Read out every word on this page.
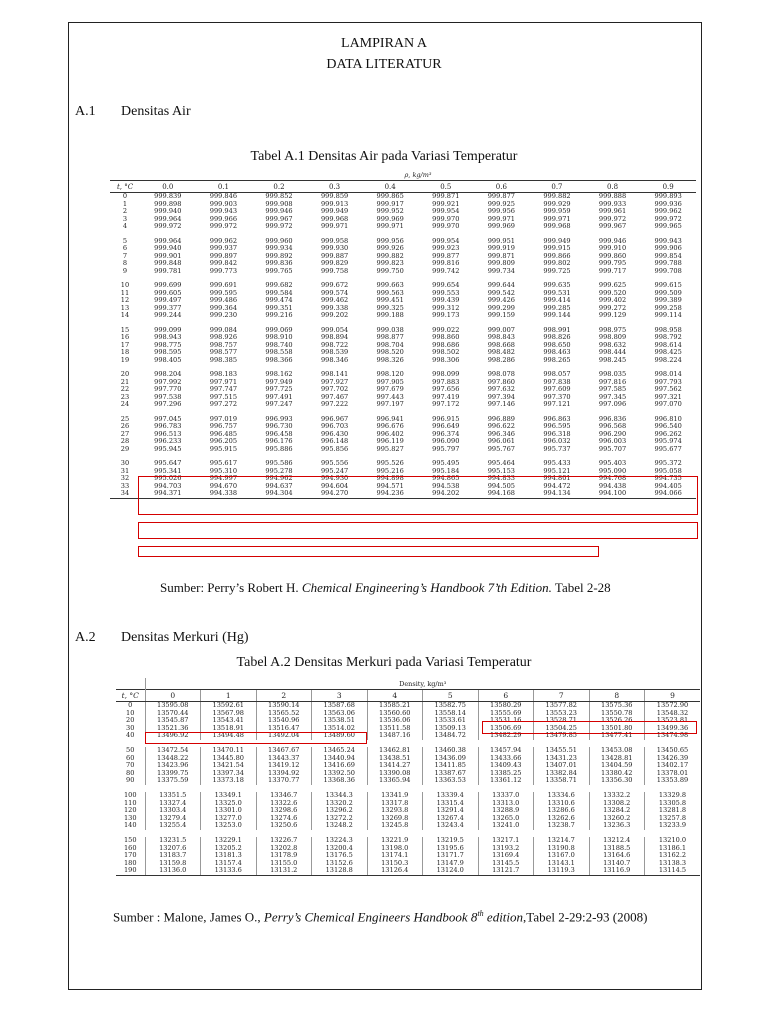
LAMPIRAN A
DATA LITERATUR
A.1 Densitas Air
Tabel A.1 Densitas Air pada Variasi Temperatur
	ρ, kg/m³									
t, °C	0.0	0.1	0.2	0.3	0.4	0.5	0.6	0.7	0.8	0.9
0	999.839	999.846	999.852	999.859	999.865	999.871	999.877	999.882	999.888	999.893
1	999.898	999.903	999.908	999.913	999.917	999.921	999.925	999.929	999.933	999.936
2	999.940	999.943	999.946	999.949	999.952	999.954	999.956	999.959	999.961	999.962
3	999.964	999.966	999.967	999.968	999.969	999.970	999.971	999.971	999.972	999.972
4	999.972	999.972	999.972	999.971	999.971	999.970	999.969	999.968	999.967	999.965

5	999.964	999.962	999.960	999.958	999.956	999.954	999.951	999.949	999.946	999.943
6	999.940	999.937	999.934	999.930	999.926	999.923	999.919	999.915	999.910	999.906
7	999.901	999.897	999.892	999.887	999.882	999.877	999.871	999.866	999.860	999.854
8	999.848	999.842	999.836	999.829	999.823	999.816	999.809	999.802	999.795	999.788
9	999.781	999.773	999.765	999.758	999.750	999.742	999.734	999.725	999.717	999.708

10	999.699	999.691	999.682	999.672	999.663	999.654	999.644	999.635	999.625	999.615
11	999.605	999.595	999.584	999.574	999.563	999.553	999.542	999.531	999.520	999.509
12	999.497	999.486	999.474	999.462	999.451	999.439	999.426	999.414	999.402	999.389
13	999.377	999.364	999.351	999.338	999.325	999.312	999.299	999.285	999.272	999.258
14	999.244	999.230	999.216	999.202	999.188	999.173	999.159	999.144	999.129	999.114

15	999.099	999.084	999.069	999.054	999.038	999.022	999.007	998.991	998.975	998.958
16	998.943	998.926	998.910	998.894	998.877	998.860	998.843	998.826	998.809	998.792
17	998.775	998.757	998.740	998.722	998.704	998.686	998.668	998.650	998.632	998.614
18	998.595	998.577	998.558	998.539	998.520	998.502	998.482	998.463	998.444	998.425
19	998.405	998.385	998.366	998.346	998.326	998.306	998.286	998.265	998.245	998.224

20	998.204	998.183	998.162	998.141	998.120	998.099	998.078	998.057	998.035	998.014
21	997.992	997.971	997.949	997.927	997.905	997.883	997.860	997.838	997.816	997.793
22	997.770	997.747	997.725	997.702	997.679	997.656	997.632	997.609	997.585	997.562
23	997.538	997.515	997.491	997.467	997.443	997.419	997.394	997.370	997.345	997.321
24	997.296	997.272	997.247	997.222	997.197	997.172	997.146	997.121	997.096	997.070

25	997.045	997.019	996.993	996.967	996.941	996.915	996.889	996.863	996.836	996.810
26	996.783	996.757	996.730	996.703	996.676	996.649	996.622	996.595	996.568	996.540
27	996.513	996.485	996.458	996.430	996.402	996.374	996.346	996.318	996.290	996.262
28	996.233	996.205	996.176	996.148	996.119	996.090	996.061	996.032	996.003	995.974
29	995.945	995.915	995.886	995.856	995.827	995.797	995.767	995.737	995.707	995.677

30	995.647	995.617	995.586	995.556	995.526	995.495	995.464	995.433	995.403	995.372
31	995.341	995.310	995.278	995.247	995.216	995.184	995.153	995.121	995.090	995.058
32	995.026	994.997	994.962	994.930	994.898	994.865	994.833	994.801	994.768	994.735
33	994.703	994.670	994.637	994.604	994.571	994.538	994.505	994.472	994.438	994.405
34	994.371	994.338	994.304	994.270	994.236	994.202	994.168	994.134	994.100	994.066
Sumber: Perry’s Robert H. Chemical Engineering’s Handbook 7’th Edition. Tabel 2-28
A.2 Densitas Merkuri (Hg)
Tabel A.2 Densitas Merkuri pada Variasi Temperatur
	Density, kg/m³									
t, °C	0	1	2	3	4	5	6	7	8	9
0	13595.08	13592.61	13590.14	13587.68	13585.21	13582.75	13580.29	13577.82	13575.36	13572.90
10	13570.44	13567.98	13565.52	13563.06	13560.60	13558.14	13555.69	13553.23	13550.78	13548.32
20	13545.87	13543.41	13540.96	13538.51	13536.06	13533.61	13531.16	13528.71	13526.26	13523.81
30	13521.36	13518.91	13516.47	13514.02	13511.58	13509.13	13506.69	13504.25	13501.80	13499.36
40	13496.92	13494.48	13492.04	13489.60	13487.16	13484.72	13482.29	13479.85	13477.41	13474.98

50	13472.54	13470.11	13467.67	13465.24	13462.81	13460.38	13457.94	13455.51	13453.08	13450.65
60	13448.22	13445.80	13443.37	13440.94	13438.51	13436.09	13433.66	13431.23	13428.81	13426.39
70	13423.96	13421.54	13419.12	13416.69	13414.27	13411.85	13409.43	13407.01	13404.59	13402.17
80	13399.75	13397.34	13394.92	13392.50	13390.08	13387.67	13385.25	13382.84	13380.42	13378.01
90	13375.59	13373.18	13370.77	13368.36	13365.94	13363.53	13361.12	13358.71	13356.30	13353.89

100	13351.5	13349.1	13346.7	13344.3	13341.9	13339.4	13337.0	13334.6	13332.2	13329.8
110	13327.4	13325.0	13322.6	13320.2	13317.8	13315.4	13313.0	13310.6	13308.2	13305.8
120	13303.4	13301.0	13298.6	13296.2	13293.8	13291.4	13288.9	13286.6	13284.2	13281.8
130	13279.4	13277.0	13274.6	13272.2	13269.8	13267.4	13265.0	13262.6	13260.2	13257.8
140	13255.4	13253.0	13250.6	13248.2	13245.8	13243.4	13241.0	13238.7	13236.3	13233.9

150	13231.5	13229.1	13226.7	13224.3	13221.9	13219.5	13217.1	13214.7	13212.4	13210.0
160	13207.6	13205.2	13202.8	13200.4	13198.0	13195.6	13193.2	13190.8	13188.5	13186.1
170	13183.7	13181.3	13178.9	13176.5	13174.1	13171.7	13169.4	13167.0	13164.6	13162.2
180	13159.8	13157.4	13155.0	13152.6	13150.3	13147.9	13145.5	13143.1	13140.7	13138.3
190	13136.0	13133.6	13131.2	13128.8	13126.4	13124.0	13121.7	13119.3	13116.9	13114.5
Sumber : Malone, James O., Perry’s Chemical Engineers Handbook 8th edition,Tabel 2-29:2-93 (2008)
